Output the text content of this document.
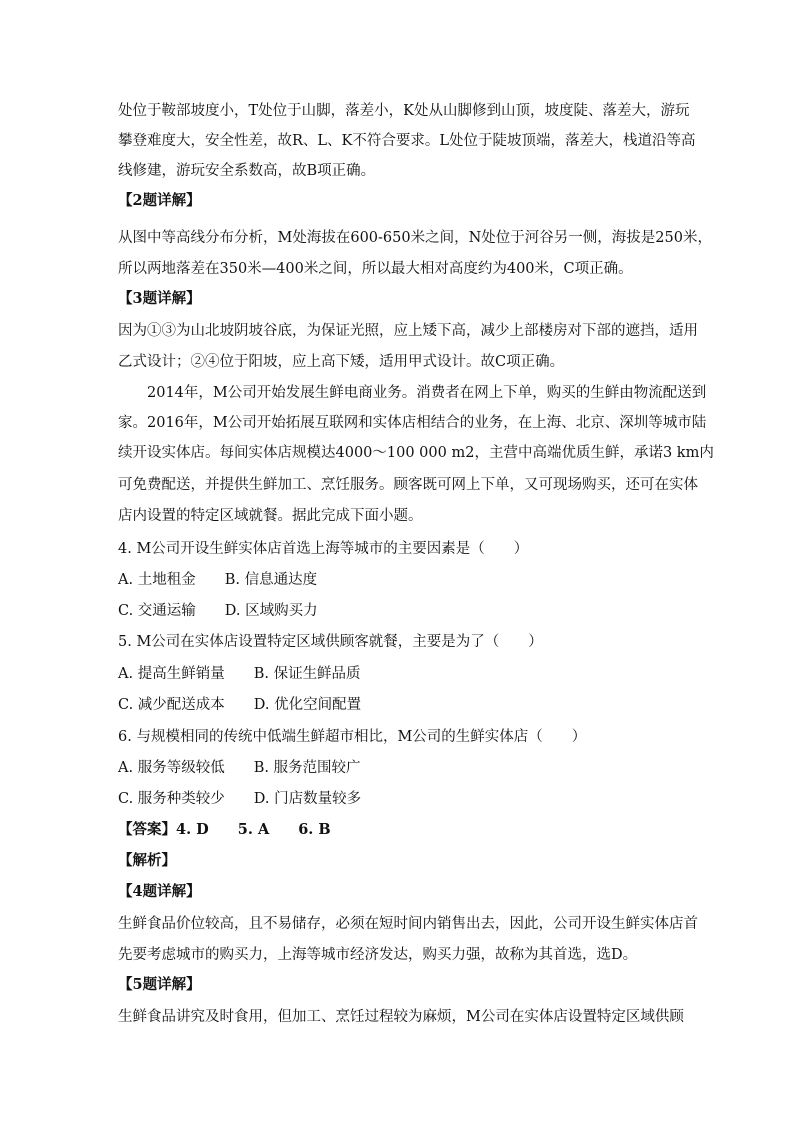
处位于鞍部坡度小，T处位于山脚，落差小，K处从山脚修到山顶，坡度陡、落差大，游玩
攀登难度大，安全性差，故R、L、K不符合要求。L处位于陡坡顶端，落差大，栈道沿等高
线修建，游玩安全系数高，故B项正确。
【2题详解】
从图中等高线分布分析，M处海拔在600-650米之间，N处位于河谷另一侧，海拔是250米，
所以两地落差在350米—400米之间，所以最大相对高度约为400米，C项正确。
【3题详解】
因为①③为山北坡阴坡谷底，为保证光照，应上矮下高，减少上部楼房对下部的遮挡，适用
乙式设计；②④位于阳坡，应上高下矮，适用甲式设计。故C项正确。
2014年，M公司开始发展生鲜电商业务。消费者在网上下单，购买的生鲜由物流配送到
家。2016年，M公司开始拓展互联网和实体店相结合的业务，在上海、北京、深圳等城市陆
续开设实体店。每间实体店规模达4000～100 000 m2，主营中高端优质生鲜，承诺3 km内
可免费配送，并提供生鲜加工、烹饪服务。顾客既可网上下单，又可现场购买，还可在实体
店内设置的特定区域就餐。据此完成下面小题。
4. M公司开设生鲜实体店首选上海等城市的主要因素是（　　）
A. 土地租金　　B. 信息通达度
C. 交通运输　　D. 区域购买力
5. M公司在实体店设置特定区域供顾客就餐，主要是为了（　　）
A. 提高生鲜销量　　B. 保证生鲜品质
C. 减少配送成本　　D. 优化空间配置
6. 与规模相同的传统中低端生鲜超市相比，M公司的生鲜实体店（　　）
A. 服务等级较低　　B. 服务范围较广
C. 服务种类较少　　D. 门店数量较多
【答案】4. D　　5. A　　6. B
【解析】
【4题详解】
生鲜食品价位较高，且不易储存，必须在短时间内销售出去，因此，公司开设生鲜实体店首
先要考虑城市的购买力，上海等城市经济发达，购买力强，故称为其首选，选D。
【5题详解】
生鲜食品讲究及时食用，但加工、烹饪过程较为麻烦，M公司在实体店设置特定区域供顾
